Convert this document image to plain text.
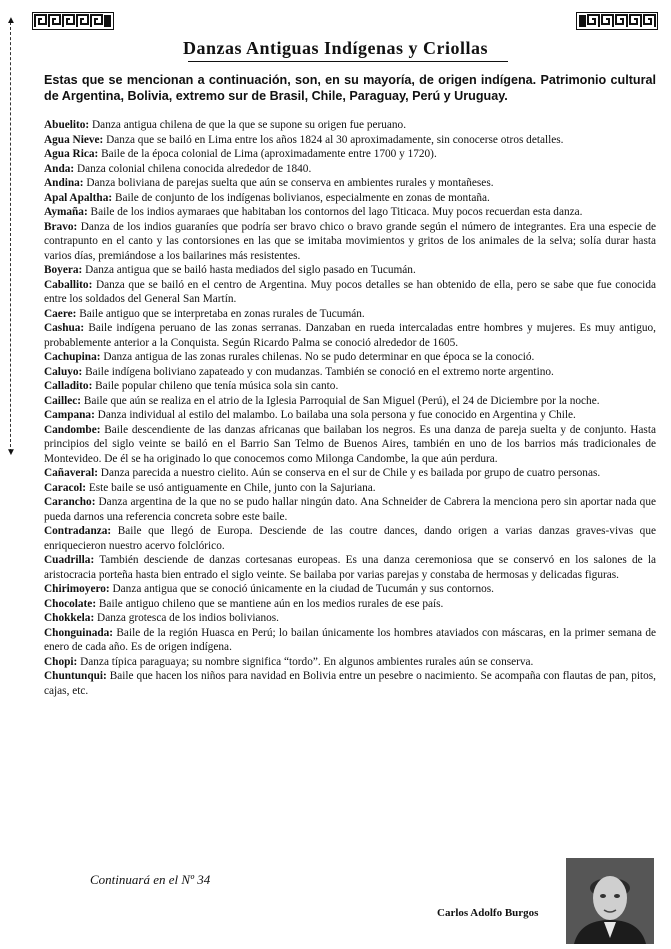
▲
▼
Danzas Antiguas Indígenas y Criollas

Estas que se mencionan a continuación, son, en su mayoría, de origen indígena. Patrimonio cultural de Argentina, Bolivia, extremo sur de Brasil, Chile, Paraguay, Perú y Uruguay.

Abuelito: Danza antigua chilena de que la que se supone su origen fue peruano.
Agua Nieve: Danza que se bailó en Lima entre los años 1824 al 30 aproximadamente, sin conocerse otros detalles.
Agua Rica: Baile de la época colonial de Lima (aproximadamente entre 1700 y 1720).
Anda: Danza colonial chilena conocida alrededor de 1840.
Andina: Danza boliviana de parejas suelta que aún se conserva en ambientes rurales y montañeses.
Apal Apaltha: Baile de conjunto de los indígenas bolivianos, especialmente en zonas de montaña.
Aymaña: Baile de los indios aymaraes que habitaban los contornos del lago Titicaca. Muy pocos recuerdan esta danza.
Bravo: Danza de los indios guaraníes que podría ser bravo chico o bravo grande según el número de integrantes. Era una especie de contrapunto en el canto y las contorsiones en las que se imitaba movimientos y gritos de los animales de la selva; solía durar hasta varios días, premiándose a los bailarines más resistentes.
Boyera: Danza antigua que se bailó hasta mediados del siglo pasado en Tucumán.
Caballito: Danza que se bailó en el centro de Argentina. Muy pocos detalles se han obtenido de ella, pero se sabe que fue conocida entre los soldados del General San Martín.
Caere: Baile antiguo que se interpretaba en zonas rurales de Tucumán.
Cashua: Baile indígena peruano de las zonas serranas. Danzaban en rueda intercaladas entre hombres y mujeres. Es muy antiguo, probablemente anterior a la Conquista. Según Ricardo Palma se conoció alrededor de 1605.
Cachupina: Danza antigua de las zonas rurales chilenas. No se pudo determinar en que época se la conoció.
Caluyo: Baile indígena boliviano zapateado y con mudanzas. También se conoció en el extremo norte argentino.
Calladito: Baile popular chileno que tenía música sola sin canto.
Caillec: Baile que aún se realiza en el atrio de la Iglesia Parroquial de San Miguel (Perú), el 24 de Diciembre por la noche.
Campana: Danza individual al estilo del malambo. Lo bailaba una sola persona y fue conocido en Argentina y Chile.
Candombe: Baile descendiente de las danzas africanas que bailaban los negros. Es una danza de pareja suelta y de conjunto. Hasta principios del siglo veinte se bailó en el Barrio San Telmo de Buenos Aires, también en uno de los barrios más tradicionales de Montevideo. De él se ha originado lo que conocemos como Milonga Candombe, la que aún perdura.
Cañaveral: Danza parecida a nuestro cielito. Aún se conserva en el sur de Chile y es bailada por grupo de cuatro personas.
Caracol: Este baile se usó antiguamente en Chile, junto con la Sajuriana.
Carancho: Danza argentina de la que no se pudo hallar ningún dato. Ana Schneider de Cabrera la menciona pero sin aportar nada que pueda darnos una referencia concreta sobre este baile.
Contradanza: Baile que llegó de Europa. Desciende de las coutre dances, dando origen a varias danzas graves-vivas que enriquecieron nuestro acervo folclórico.
Cuadrilla: También desciende de danzas cortesanas europeas. Es una danza ceremoniosa que se conservó en los salones de la aristocracia porteña hasta bien entrado el siglo veinte. Se bailaba por varias parejas y constaba de hermosas y delicadas figuras.
Chirimoyero: Danza antigua que se conoció únicamente en la ciudad de Tucumán y sus contornos.
Chocolate: Baile antiguo chileno que se mantiene aún en los medios rurales de ese país.
Chokkela: Danza grotesca de los indios bolivianos.
Chonguinada: Baile de la región Huasca en Perú; lo bailan únicamente los hombres ataviados con máscaras, en la primer semana de enero de cada año. Es de origen indígena.
Chopi: Danza típica paraguaya; su nombre significa “tordo”. En algunos ambientes rurales aún se conserva.
Chuntunqui: Baile que hacen los niños para navidad en Bolivia entre un pesebre o nacimiento. Se acompaña con flautas de pan, pitos, cajas, etc.
Continuará en el Nº 34
Carlos Adolfo Burgos
